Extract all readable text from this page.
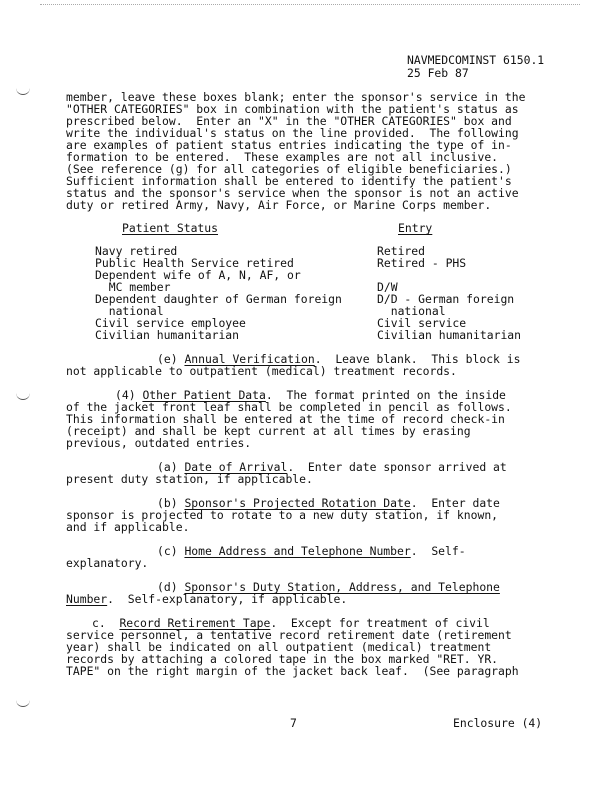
NAVMEDCOMINST 6150.1
25 Feb 87
member, leave these boxes blank; enter the sponsor's service in the
"OTHER CATEGORIES" box in combination with the patient's status as
prescribed below.  Enter an "X" in the "OTHER CATEGORIES" box and
write the individual's status on the line provided.  The following
are examples of patient status entries indicating the type of in-
formation to be entered.  These examples are not all inclusive.
(See reference (g) for all categories of eligible beneficiaries.)
Sufficient information shall be entered to identify the patient's
status and the sponsor's service when the sponsor is not an active
duty or retired Army, Navy, Air Force, or Marine Corps member.
Patient Status	Entry
Navy retired	Retired
Public Health Service retired	Retired - PHS
Dependent wife of A, N, AF, or
MC member	D/W
Dependent daughter of German foreign	D/D - German foreign
national	national
Civil service employee	Civil service
Civilian humanitarian	Civilian humanitarian
(e) Annual Verification.  Leave blank.  This block is
not applicable to outpatient (medical) treatment records.
(4) Other Patient Data.  The format printed on the inside
of the jacket front leaf shall be completed in pencil as follows.
This information shall be entered at the time of record check-in
(receipt) and shall be kept current at all times by erasing
previous, outdated entries.
(a) Date of Arrival.  Enter date sponsor arrived at
present duty station, if applicable.
(b) Sponsor's Projected Rotation Date.  Enter date
sponsor is projected to rotate to a new duty station, if known,
and if applicable.
(c) Home Address and Telephone Number.  Self-
explanatory.
(d) Sponsor's Duty Station, Address, and Telephone
Number.  Self-explanatory, if applicable.
c.  Record Retirement Tape.  Except for treatment of civil
service personnel, a tentative record retirement date (retirement
year) shall be indicated on all outpatient (medical) treatment
records by attaching a colored tape in the box marked "RET. YR.
TAPE" on the right margin of the jacket back leaf.  (See paragraph
7	Enclosure (4)
